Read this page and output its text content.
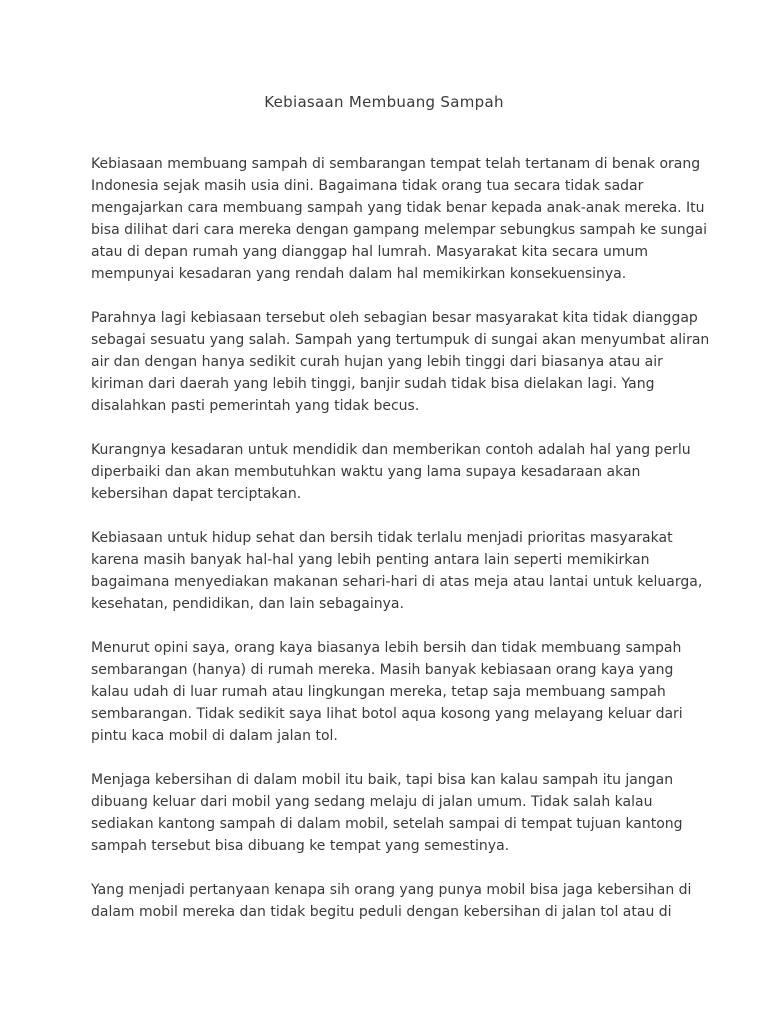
Kebiasaan Membuang Sampah

Kebiasaan membuang sampah di sembarangan tempat telah tertanam di benak orang
Indonesia sejak masih usia dini. Bagaimana tidak orang tua secara tidak sadar
mengajarkan cara membuang sampah yang tidak benar kepada anak-anak mereka. Itu
bisa dilihat dari cara mereka dengan gampang melempar sebungkus sampah ke sungai
atau di depan rumah yang dianggap hal lumrah. Masyarakat kita secara umum
mempunyai kesadaran yang rendah dalam hal memikirkan konsekuensinya.

Parahnya lagi kebiasaan tersebut oleh sebagian besar masyarakat kita tidak dianggap
sebagai sesuatu yang salah. Sampah yang tertumpuk di sungai akan menyumbat aliran
air dan dengan hanya sedikit curah hujan yang lebih tinggi dari biasanya atau air
kiriman dari daerah yang lebih tinggi, banjir sudah tidak bisa dielakan lagi. Yang
disalahkan pasti pemerintah yang tidak becus.

Kurangnya kesadaran untuk mendidik dan memberikan contoh adalah hal yang perlu
diperbaiki dan akan membutuhkan waktu yang lama supaya kesadaraan akan
kebersihan dapat terciptakan.

Kebiasaan untuk hidup sehat dan bersih tidak terlalu menjadi prioritas masyarakat
karena masih banyak hal-hal yang lebih penting antara lain seperti memikirkan
bagaimana menyediakan makanan sehari-hari di atas meja atau lantai untuk keluarga,
kesehatan, pendidikan, dan lain sebagainya.

Menurut opini saya, orang kaya biasanya lebih bersih dan tidak membuang sampah
sembarangan (hanya) di rumah mereka. Masih banyak kebiasaan orang kaya yang
kalau udah di luar rumah atau lingkungan mereka, tetap saja membuang sampah
sembarangan. Tidak sedikit saya lihat botol aqua kosong yang melayang keluar dari
pintu kaca mobil di dalam jalan tol.

Menjaga kebersihan di dalam mobil itu baik, tapi bisa kan kalau sampah itu jangan
dibuang keluar dari mobil yang sedang melaju di jalan umum. Tidak salah kalau
sediakan kantong sampah di dalam mobil, setelah sampai di tempat tujuan kantong
sampah tersebut bisa dibuang ke tempat yang semestinya.

Yang menjadi pertanyaan kenapa sih orang yang punya mobil bisa jaga kebersihan di
dalam mobil mereka dan tidak begitu peduli dengan kebersihan di jalan tol atau di
